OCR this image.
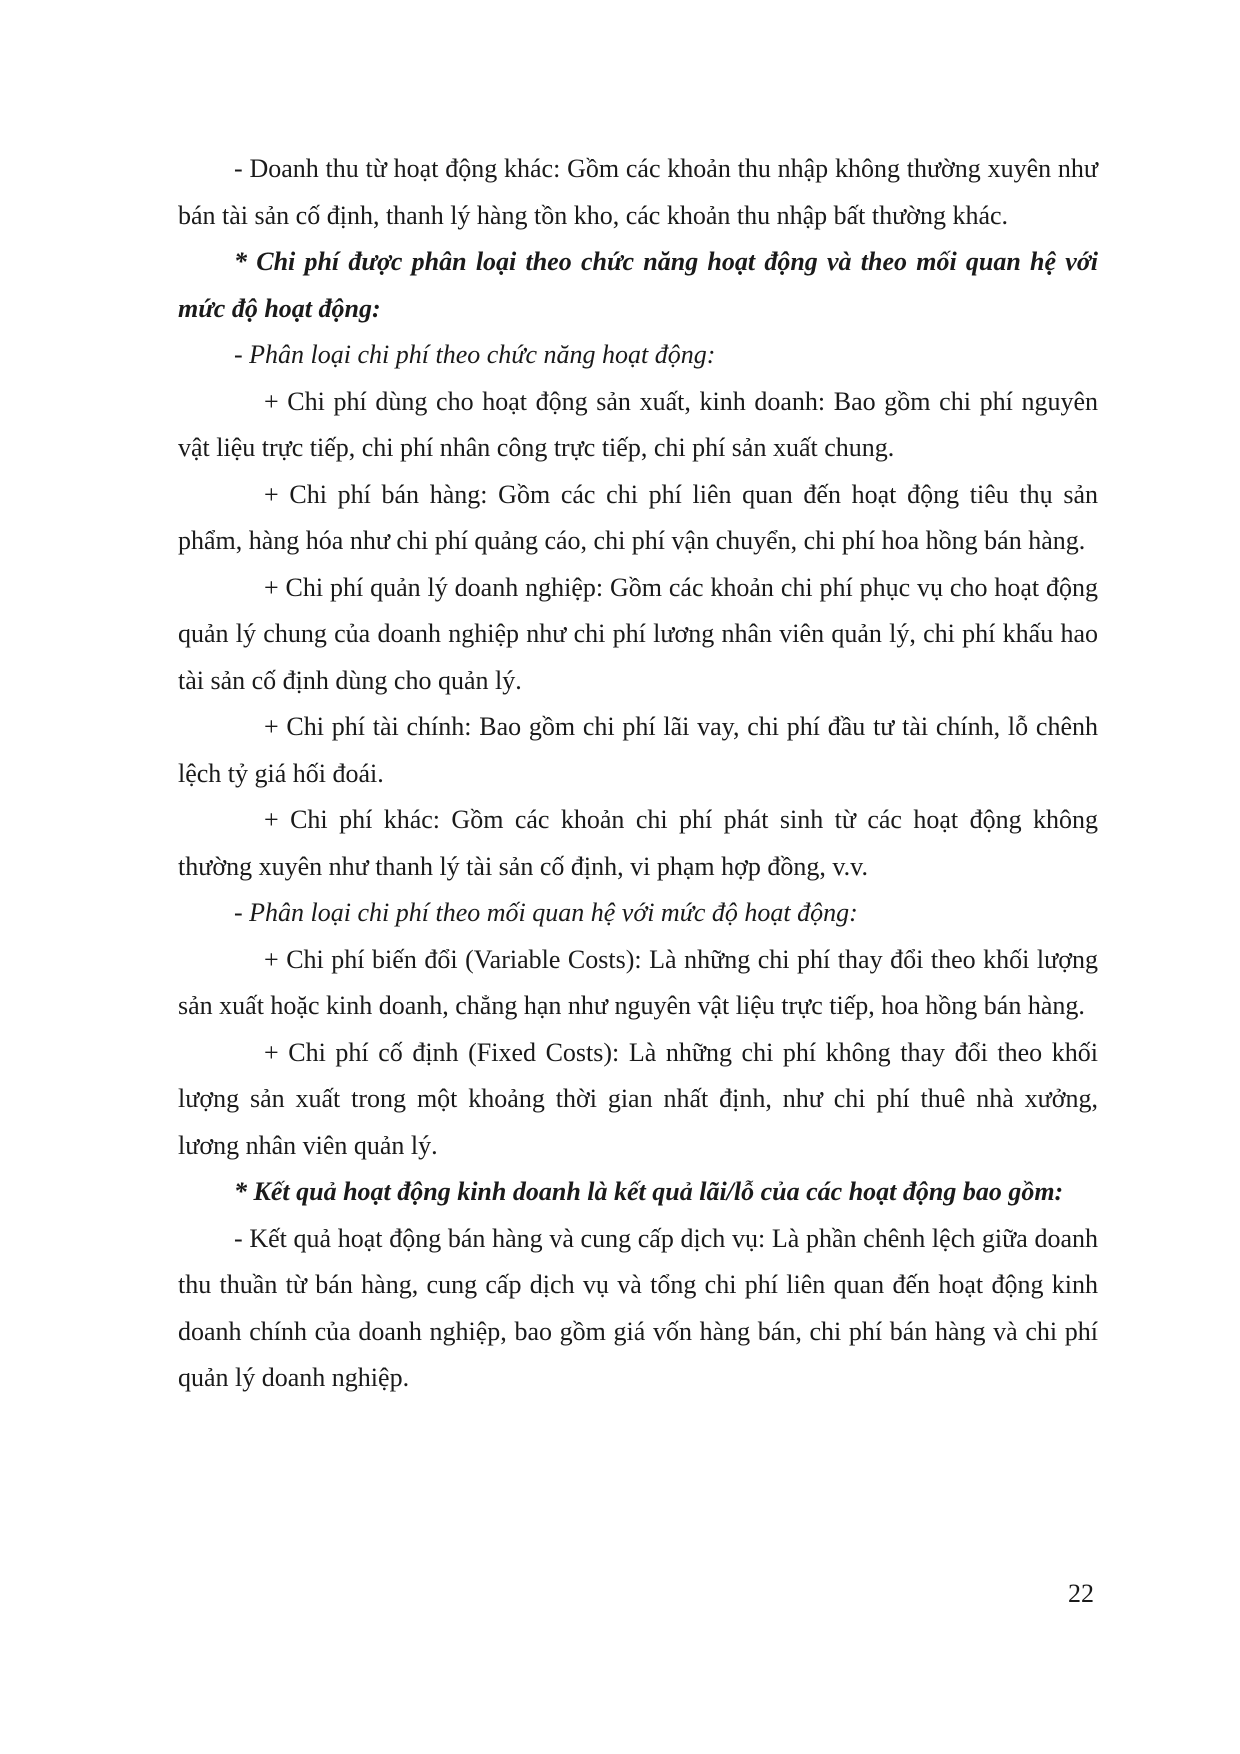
- Doanh thu từ hoạt động khác: Gồm các khoản thu nhập không thường xuyên như bán tài sản cố định, thanh lý hàng tồn kho, các khoản thu nhập bất thường khác.

* Chi phí được phân loại theo chức năng hoạt động và theo mối quan hệ với mức độ hoạt động:

- Phân loại chi phí theo chức năng hoạt động:

+ Chi phí dùng cho hoạt động sản xuất, kinh doanh: Bao gồm chi phí nguyên vật liệu trực tiếp, chi phí nhân công trực tiếp, chi phí sản xuất chung.

+ Chi phí bán hàng: Gồm các chi phí liên quan đến hoạt động tiêu thụ sản phẩm, hàng hóa như chi phí quảng cáo, chi phí vận chuyển, chi phí hoa hồng bán hàng.

+ Chi phí quản lý doanh nghiệp: Gồm các khoản chi phí phục vụ cho hoạt động quản lý chung của doanh nghiệp như chi phí lương nhân viên quản lý, chi phí khấu hao tài sản cố định dùng cho quản lý.

+ Chi phí tài chính: Bao gồm chi phí lãi vay, chi phí đầu tư tài chính, lỗ chênh lệch tỷ giá hối đoái.

+ Chi phí khác: Gồm các khoản chi phí phát sinh từ các hoạt động không thường xuyên như thanh lý tài sản cố định, vi phạm hợp đồng, v.v.

- Phân loại chi phí theo mối quan hệ với mức độ hoạt động:

+ Chi phí biến đổi (Variable Costs): Là những chi phí thay đổi theo khối lượng sản xuất hoặc kinh doanh, chẳng hạn như nguyên vật liệu trực tiếp, hoa hồng bán hàng.

+ Chi phí cố định (Fixed Costs): Là những chi phí không thay đổi theo khối lượng sản xuất trong một khoảng thời gian nhất định, như chi phí thuê nhà xưởng, lương nhân viên quản lý.

* Kết quả hoạt động kinh doanh là kết quả lãi/lỗ của các hoạt động bao gồm:

- Kết quả hoạt động bán hàng và cung cấp dịch vụ: Là phần chênh lệch giữa doanh thu thuần từ bán hàng, cung cấp dịch vụ và tổng chi phí liên quan đến hoạt động kinh doanh chính của doanh nghiệp, bao gồm giá vốn hàng bán, chi phí bán hàng và chi phí quản lý doanh nghiệp.

22
